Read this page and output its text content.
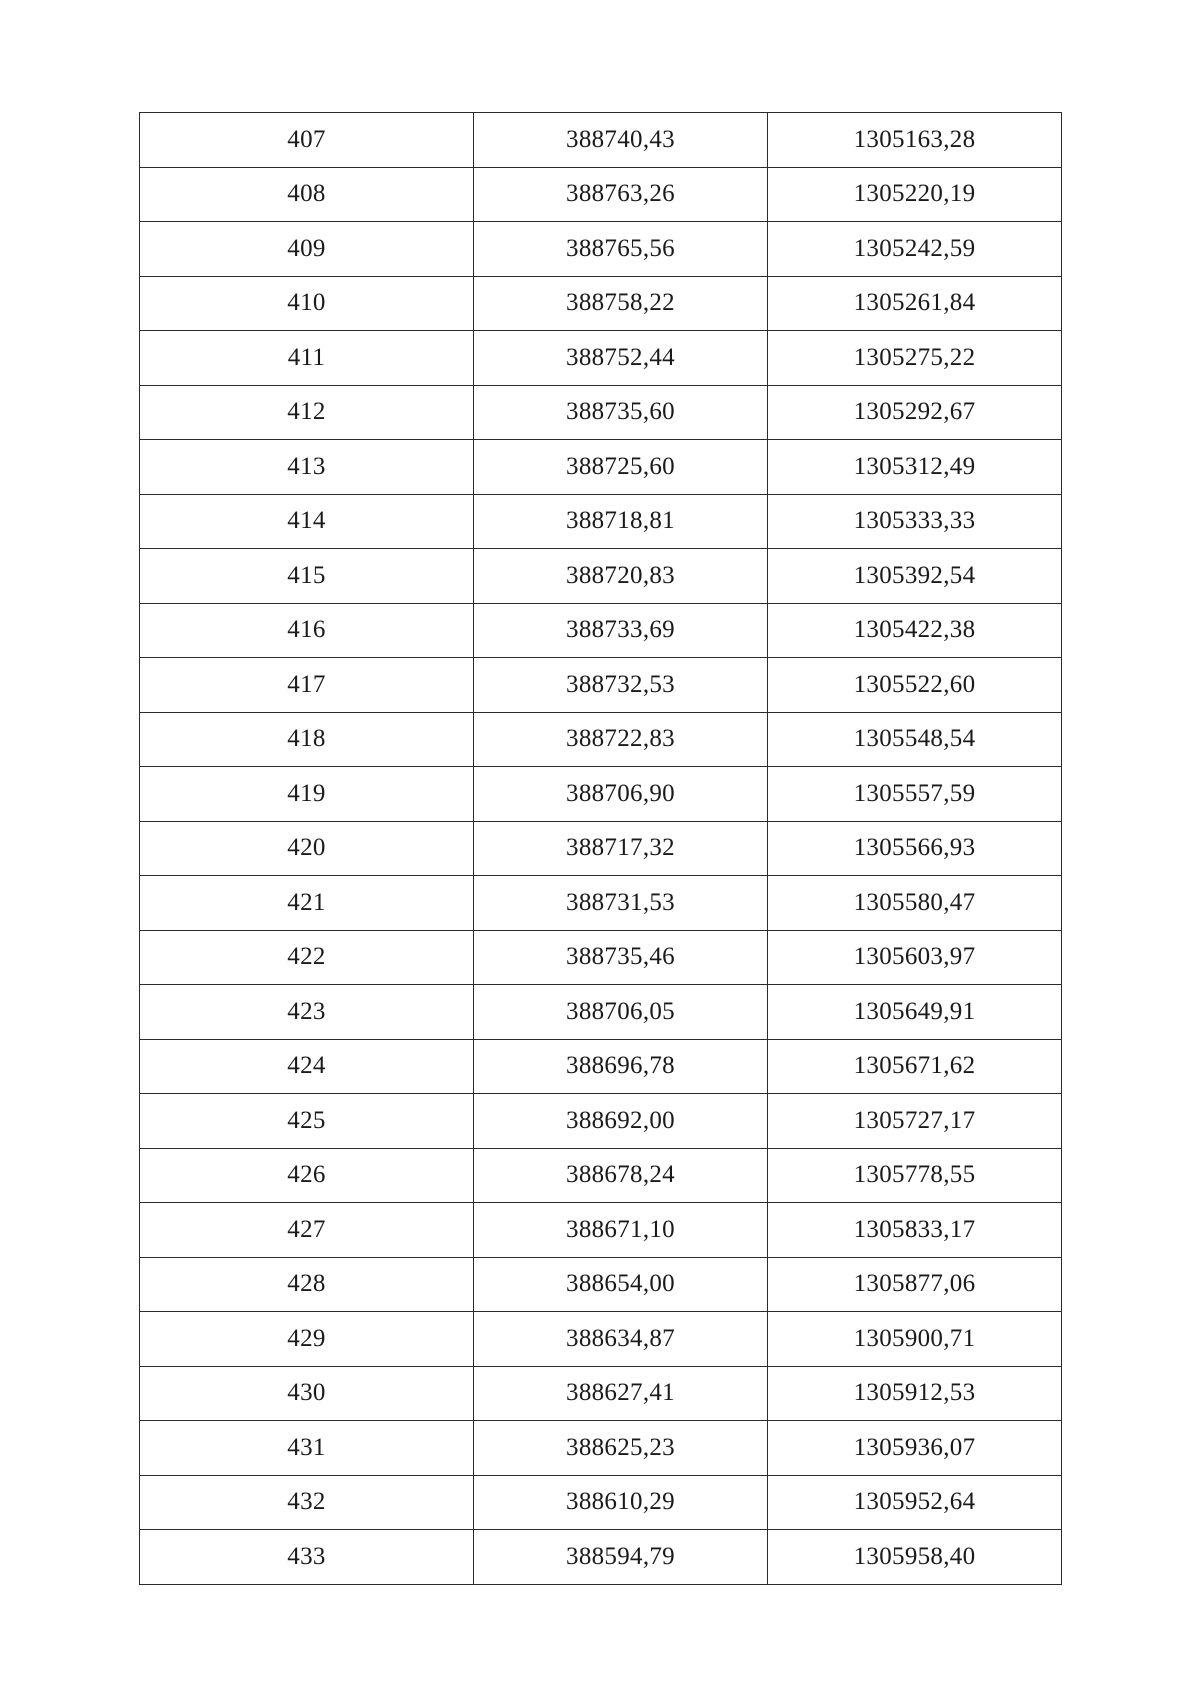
407	388740,43	1305163,28
408	388763,26	1305220,19
409	388765,56	1305242,59
410	388758,22	1305261,84
411	388752,44	1305275,22
412	388735,60	1305292,67
413	388725,60	1305312,49
414	388718,81	1305333,33
415	388720,83	1305392,54
416	388733,69	1305422,38
417	388732,53	1305522,60
418	388722,83	1305548,54
419	388706,90	1305557,59
420	388717,32	1305566,93
421	388731,53	1305580,47
422	388735,46	1305603,97
423	388706,05	1305649,91
424	388696,78	1305671,62
425	388692,00	1305727,17
426	388678,24	1305778,55
427	388671,10	1305833,17
428	388654,00	1305877,06
429	388634,87	1305900,71
430	388627,41	1305912,53
431	388625,23	1305936,07
432	388610,29	1305952,64
433	388594,79	1305958,40
